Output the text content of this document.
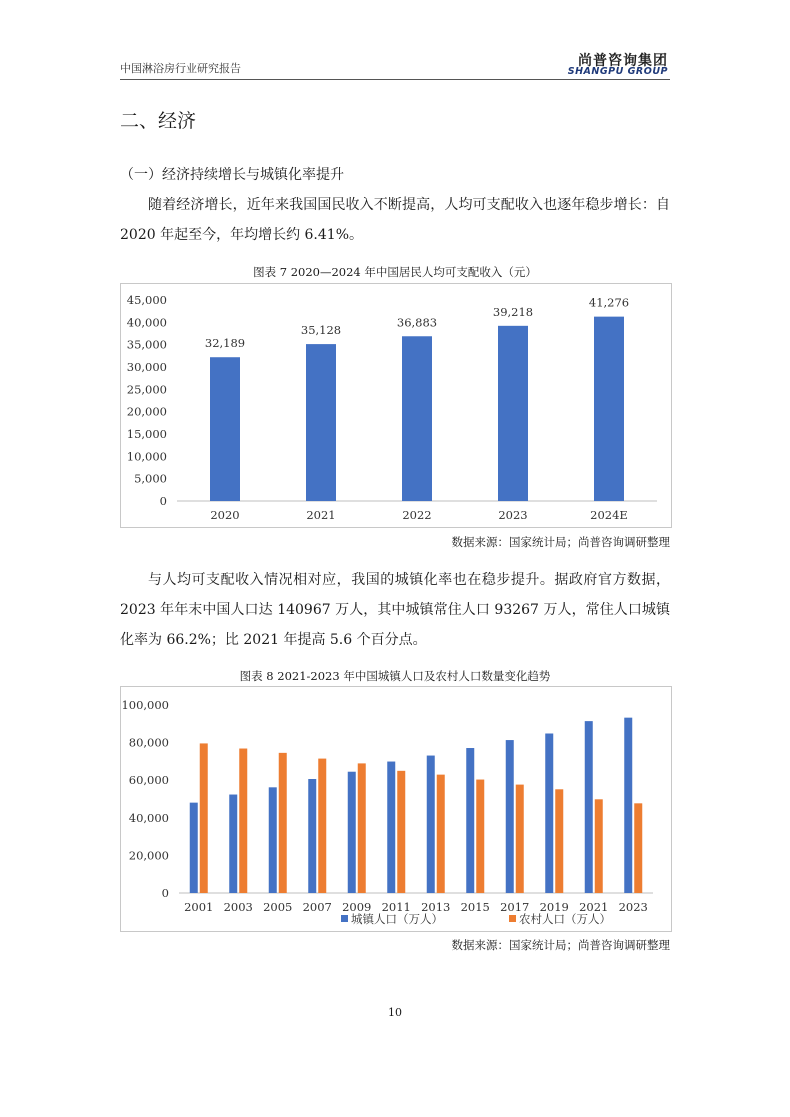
中国淋浴房行业研究报告	尚普咨询集团
SHANGPU GROUP
二、经济
（一）经济持续增长与城镇化率提升
随着经济增长，近年来我国国民收入不断提高，人均可支配收入也逐年稳步增长：自 2020 年起至今，年均增长约 6.41%。
图表 7 2020—2024 年中国居民人均可支配收入（元）
0
5,000
10,000
15,000
20,000
25,000
30,000
35,000
40,000
45,000
32,189
2020
35,128
2021
36,883
2022
39,218
2023
41,276
2024E
数据来源：国家统计局；尚普咨询调研整理
与人均可支配收入情况相对应，我国的城镇化率也在稳步提升。据政府官方数据，2023 年年末中国人口达 140967 万人，其中城镇常住人口 93267 万人，常住人口城镇化率为 66.2%；比 2021 年提高 5.6 个百分点。
图表 8 2021-2023 年中国城镇人口及农村人口数量变化趋势
0
20,000
40,000
60,000
80,000
100,000
2001 2003 2005 2007 2009 2011 2013 2015 2017 2019 2021 2023
城镇人口（万人）	农村人口（万人）
数据来源：国家统计局；尚普咨询调研整理
10
